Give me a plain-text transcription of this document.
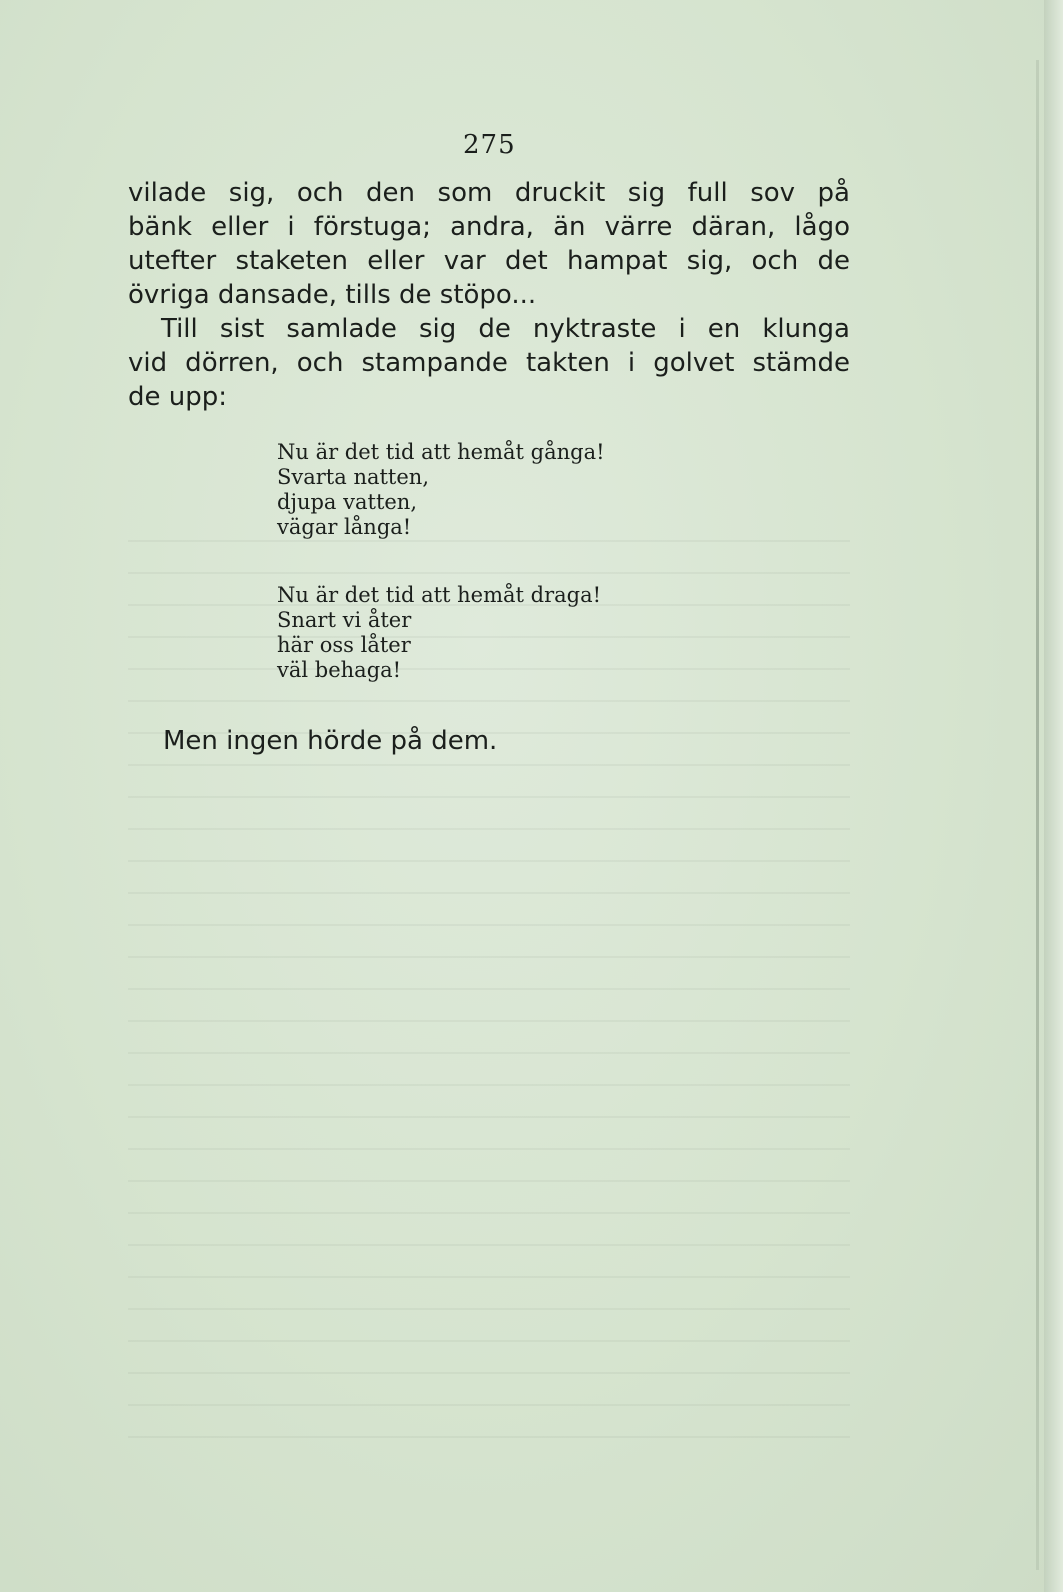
275
vilade sig, och den som druckit sig full sov på
bänk eller i förstuga; andra, än värre däran, lågo
utefter staketen eller var det hampat sig, och de
övriga dansade, tills de stöpo...
Till sist samlade sig de nyktraste i en klunga
vid dörren, och stampande takten i golvet stämde
de upp:
Nu är det tid att hemåt gånga!
Svarta natten,
djupa vatten,
vägar långa!
Nu är det tid att hemåt draga!
Snart vi åter
här oss låter
väl behaga!
Men ingen hörde på dem.
